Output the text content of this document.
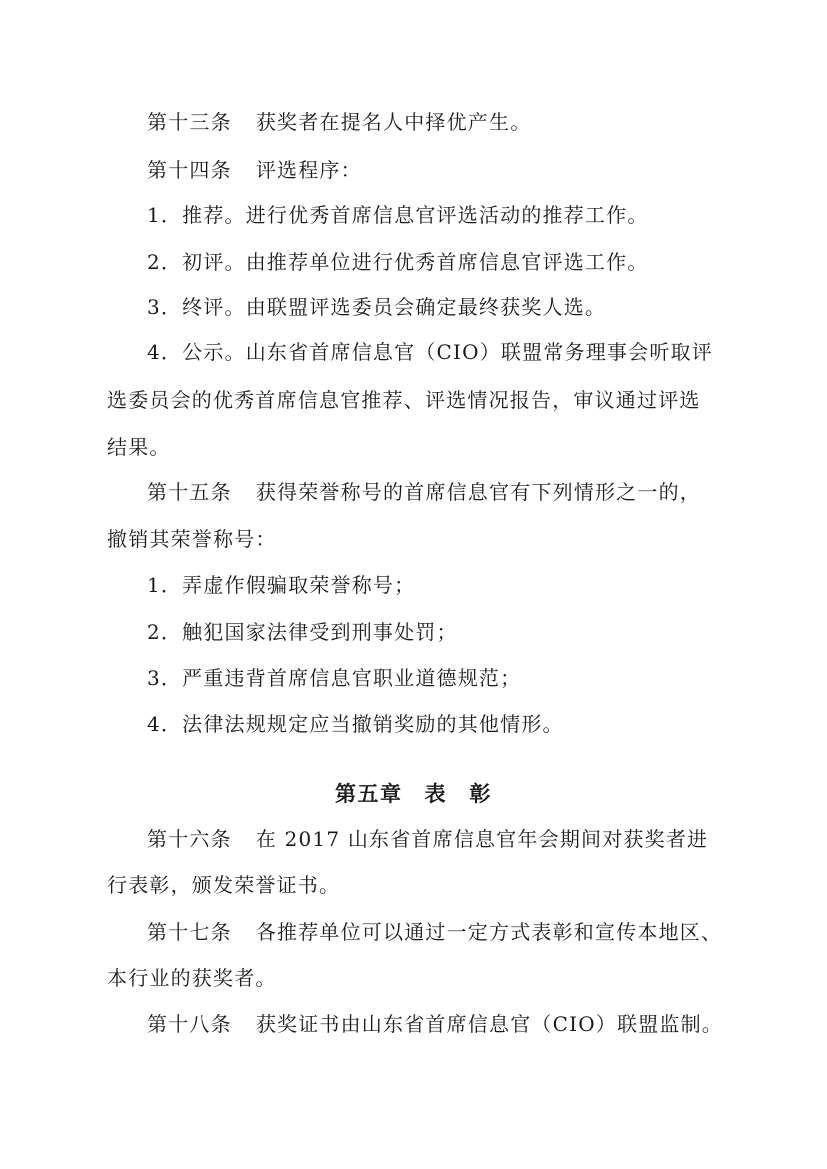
第十三条 获奖者在提名人中择优产生。
第十四条 评选程序：
1．推荐。进行优秀首席信息官评选活动的推荐工作。
2．初评。由推荐单位进行优秀首席信息官评选工作。
3．终评。由联盟评选委员会确定最终获奖人选。
4．公示。山东省首席信息官（CIO）联盟常务理事会听取评
选委员会的优秀首席信息官推荐、评选情况报告，审议通过评选
结果。
第十五条 获得荣誉称号的首席信息官有下列情形之一的，
撤销其荣誉称号：
1．弄虚作假骗取荣誉称号；
2．触犯国家法律受到刑事处罚；
3．严重违背首席信息官职业道德规范；
4．法律法规规定应当撤销奖励的其他情形。
第五章 表　彰
第十六条 在 2017 山东省首席信息官年会期间对获奖者进
行表彰，颁发荣誉证书。
第十七条 各推荐单位可以通过一定方式表彰和宣传本地区、
本行业的获奖者。
第十八条 获奖证书由山东省首席信息官（CIO）联盟监制。
